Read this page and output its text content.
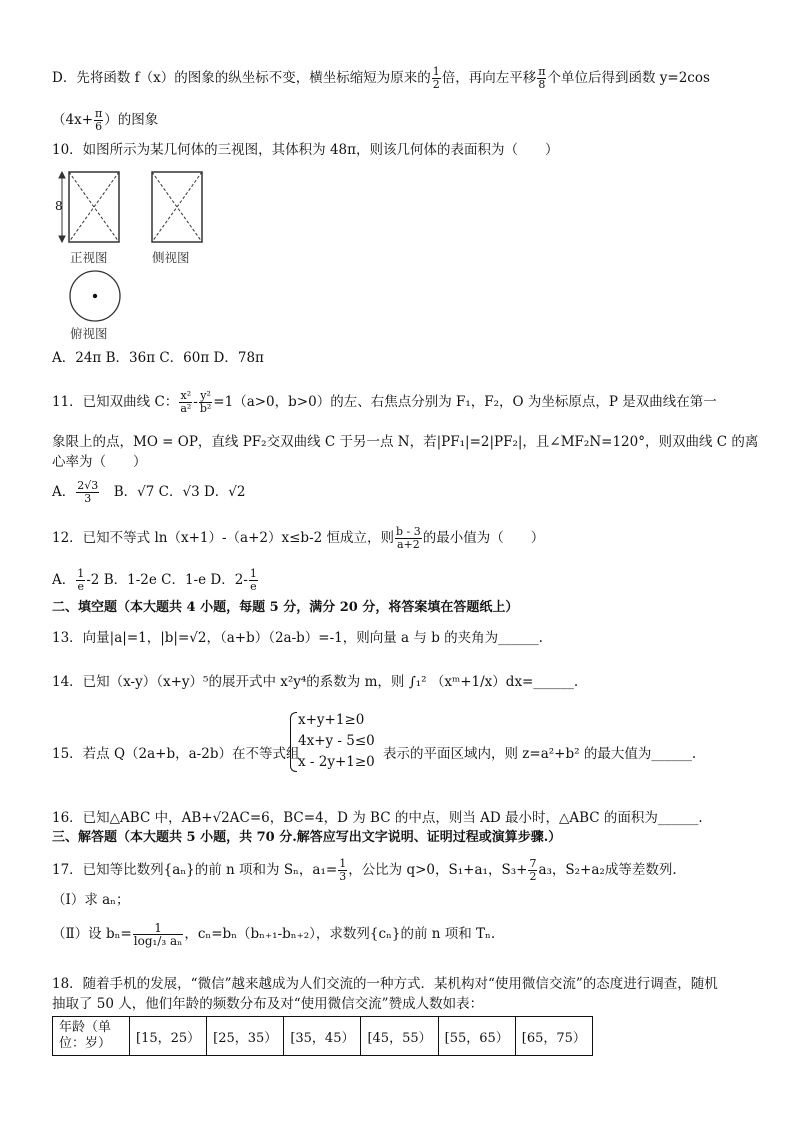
D．先将函数 f（x）的图象的纵坐标不变，横坐标缩短为原来的 $\frac{1}{2}$ 倍，再向左平移 $\frac{\pi}{8}$ 个单位后得到函数 y=2cos
（$4x+ \frac{\pi}{6}$ ）的图象
10．如图所示为某几何体的三视图，其体积为 48π，则该几何体的表面积为（　　）
8
正视图	侧视图
俯视图
A．24π B．36π C．60π D．78π
11．已知双曲线 C： $\frac{\text{x²}}{\text{a²}} - \frac{\text{y²}}{\text{b²}} =1(a>0$，b>0）的左、右焦点分别为 F₁，F₂，O 为坐标原点，P 是双曲线在第一
象限上的点，MO = OP，直线 PF₂交双曲线 C 于另一点 N，若|PF₁|=2|PF₂|，且∠MF₂N=120°，则双曲线 C 的离
心率为（　　）
A． $\frac{2√3}{3}$ 　B．√7 C．√3 D．√2
12．已知不等式 ln（x+1）-（a+2）x≤b-2 恒成立，则 $\frac{b - 3}{a+2}$ 的最小值为（　　）
A． $\frac{1}{e} -2$ B．1-2e C．1-e D．$2- \frac{1}{e}$
二、填空题（本大题共 4 小题，每题 5 分，满分 20 分，将答案填在答题纸上）
13．向量|a|=1，|b|=√2，（a+b）（2a-b）=-1，则向量 a 与 b 的夹角为______.
14．已知（x-y）（x+y）⁵的展开式中 x²y⁴的系数为 m，则 ∫₁² （xᵐ+1/x）dx=______.
15．若点 Q（2a+b，a-2b）在不等式组
x+y+1≥0
4x+y - 5≤0
x - 2y+1≥0 表示的平面区域内，则 z=a²+b² 的最大值为______.
16．已知△ABC 中，AB+√2AC=6，BC=4，D 为 BC 的中点，则当 AD 最小时，△ABC 的面积为______.
三、解答题（本大题共 5 小题，共 70 分.解答应写出文字说明、证明过程或演算步骤.）
17．已知等比数列{aₙ}的前 n 项和为 Sₙ，$a_1= \frac{1}{3}$ ，公比为 q>0，S₁+a₁，$S_3+ \frac{7}{2} a_3$，S₂+a₂成等差数列.
（Ⅰ）求 aₙ；
（Ⅱ）设 $b_n= \frac{1}{\text{log₁/₃ aₙ}}$ ，cₙ=bₙ（bₙ₊₁-bₙ₊₂），求数列{cₙ}的前 n 项和 Tₙ.
18．随着手机的发展，“微信”越来越成为人们交流的一种方式．某机构对“使用微信交流”的态度进行调查，随机
抽取了 50 人，他们年龄的频数分布及对“使用微信交流”赞成人数如表：
年龄（单位：岁）	[15，25）	[25，35）	[35，45）	[45，55）	[55，65）	[65，75）
